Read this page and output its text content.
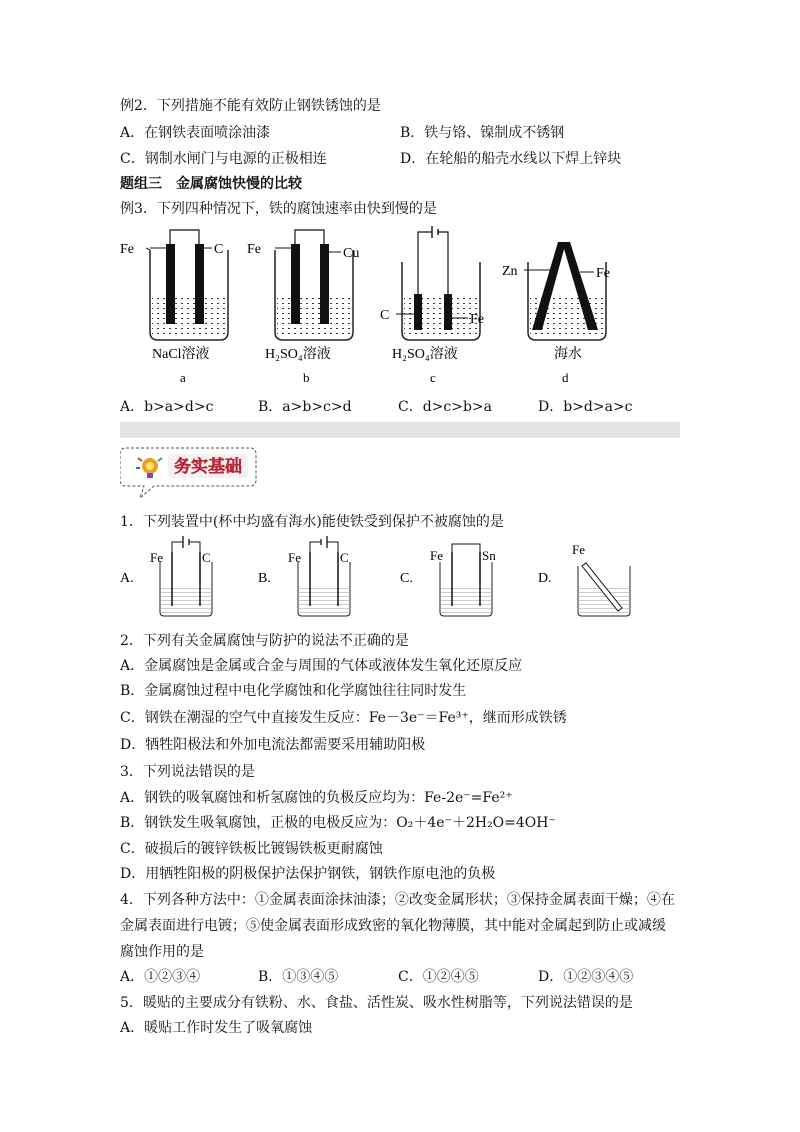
例2．下列措施不能有效防止钢铁锈蚀的是
A．在钢铁表面喷涂油漆	B．铁与铬、镍制成不锈钢
C．钢制水闸门与电源的正极相连	D．在轮船的船壳水线以下焊上锌块
题组三　金属腐蚀快慢的比较
例3．下列四种情况下，铁的腐蚀速率由快到慢的是
Fe	C
NaCl溶液
a
Fe	Cu
H₂SO₄溶液
b
C	Fe
H₂SO₄溶液
c
Zn	Fe
海水
d
A．b>a>d>c	B．a>b>c>d	C．d>c>b>a	D．b>d>a>c
务实基础
1．下列装置中(杯中均盛有海水)能使铁受到保护不被腐蚀的是
A.
Fe	C
B.
Fe	C
C.
Fe	Sn
D.
Fe
2．下列有关金属腐蚀与防护的说法不正确的是
A．金属腐蚀是金属或合金与周围的气体或液体发生氧化还原反应
B．金属腐蚀过程中电化学腐蚀和化学腐蚀往往同时发生
C．钢铁在潮湿的空气中直接发生反应：Fe－3e⁻＝Fe³⁺，继而形成铁锈
D．牺牲阳极法和外加电流法都需要采用辅助阳极
3．下列说法错误的是
A．钢铁的吸氧腐蚀和析氢腐蚀的负极反应均为：Fe-2e⁻=Fe²⁺
B．钢铁发生吸氧腐蚀，正极的电极反应为：O₂＋4e⁻＋2H₂O=4OH⁻
C．破损后的镀锌铁板比镀锡铁板更耐腐蚀
D．用牺牲阳极的阴极保护法保护钢铁，钢铁作原电池的负极
4．下列各种方法中：①金属表面涂抹油漆；②改变金属形状；③保持金属表面干燥；④在
金属表面进行电镀；⑤使金属表面形成致密的氧化物薄膜，其中能对金属起到防止或减缓
腐蚀作用的是
A．①②③④	B．①③④⑤	C．①②④⑤	D．①②③④⑤
5．暖贴的主要成分有铁粉、水、食盐、活性炭、吸水性树脂等，下列说法错误的是
A．暖贴工作时发生了吸氧腐蚀
